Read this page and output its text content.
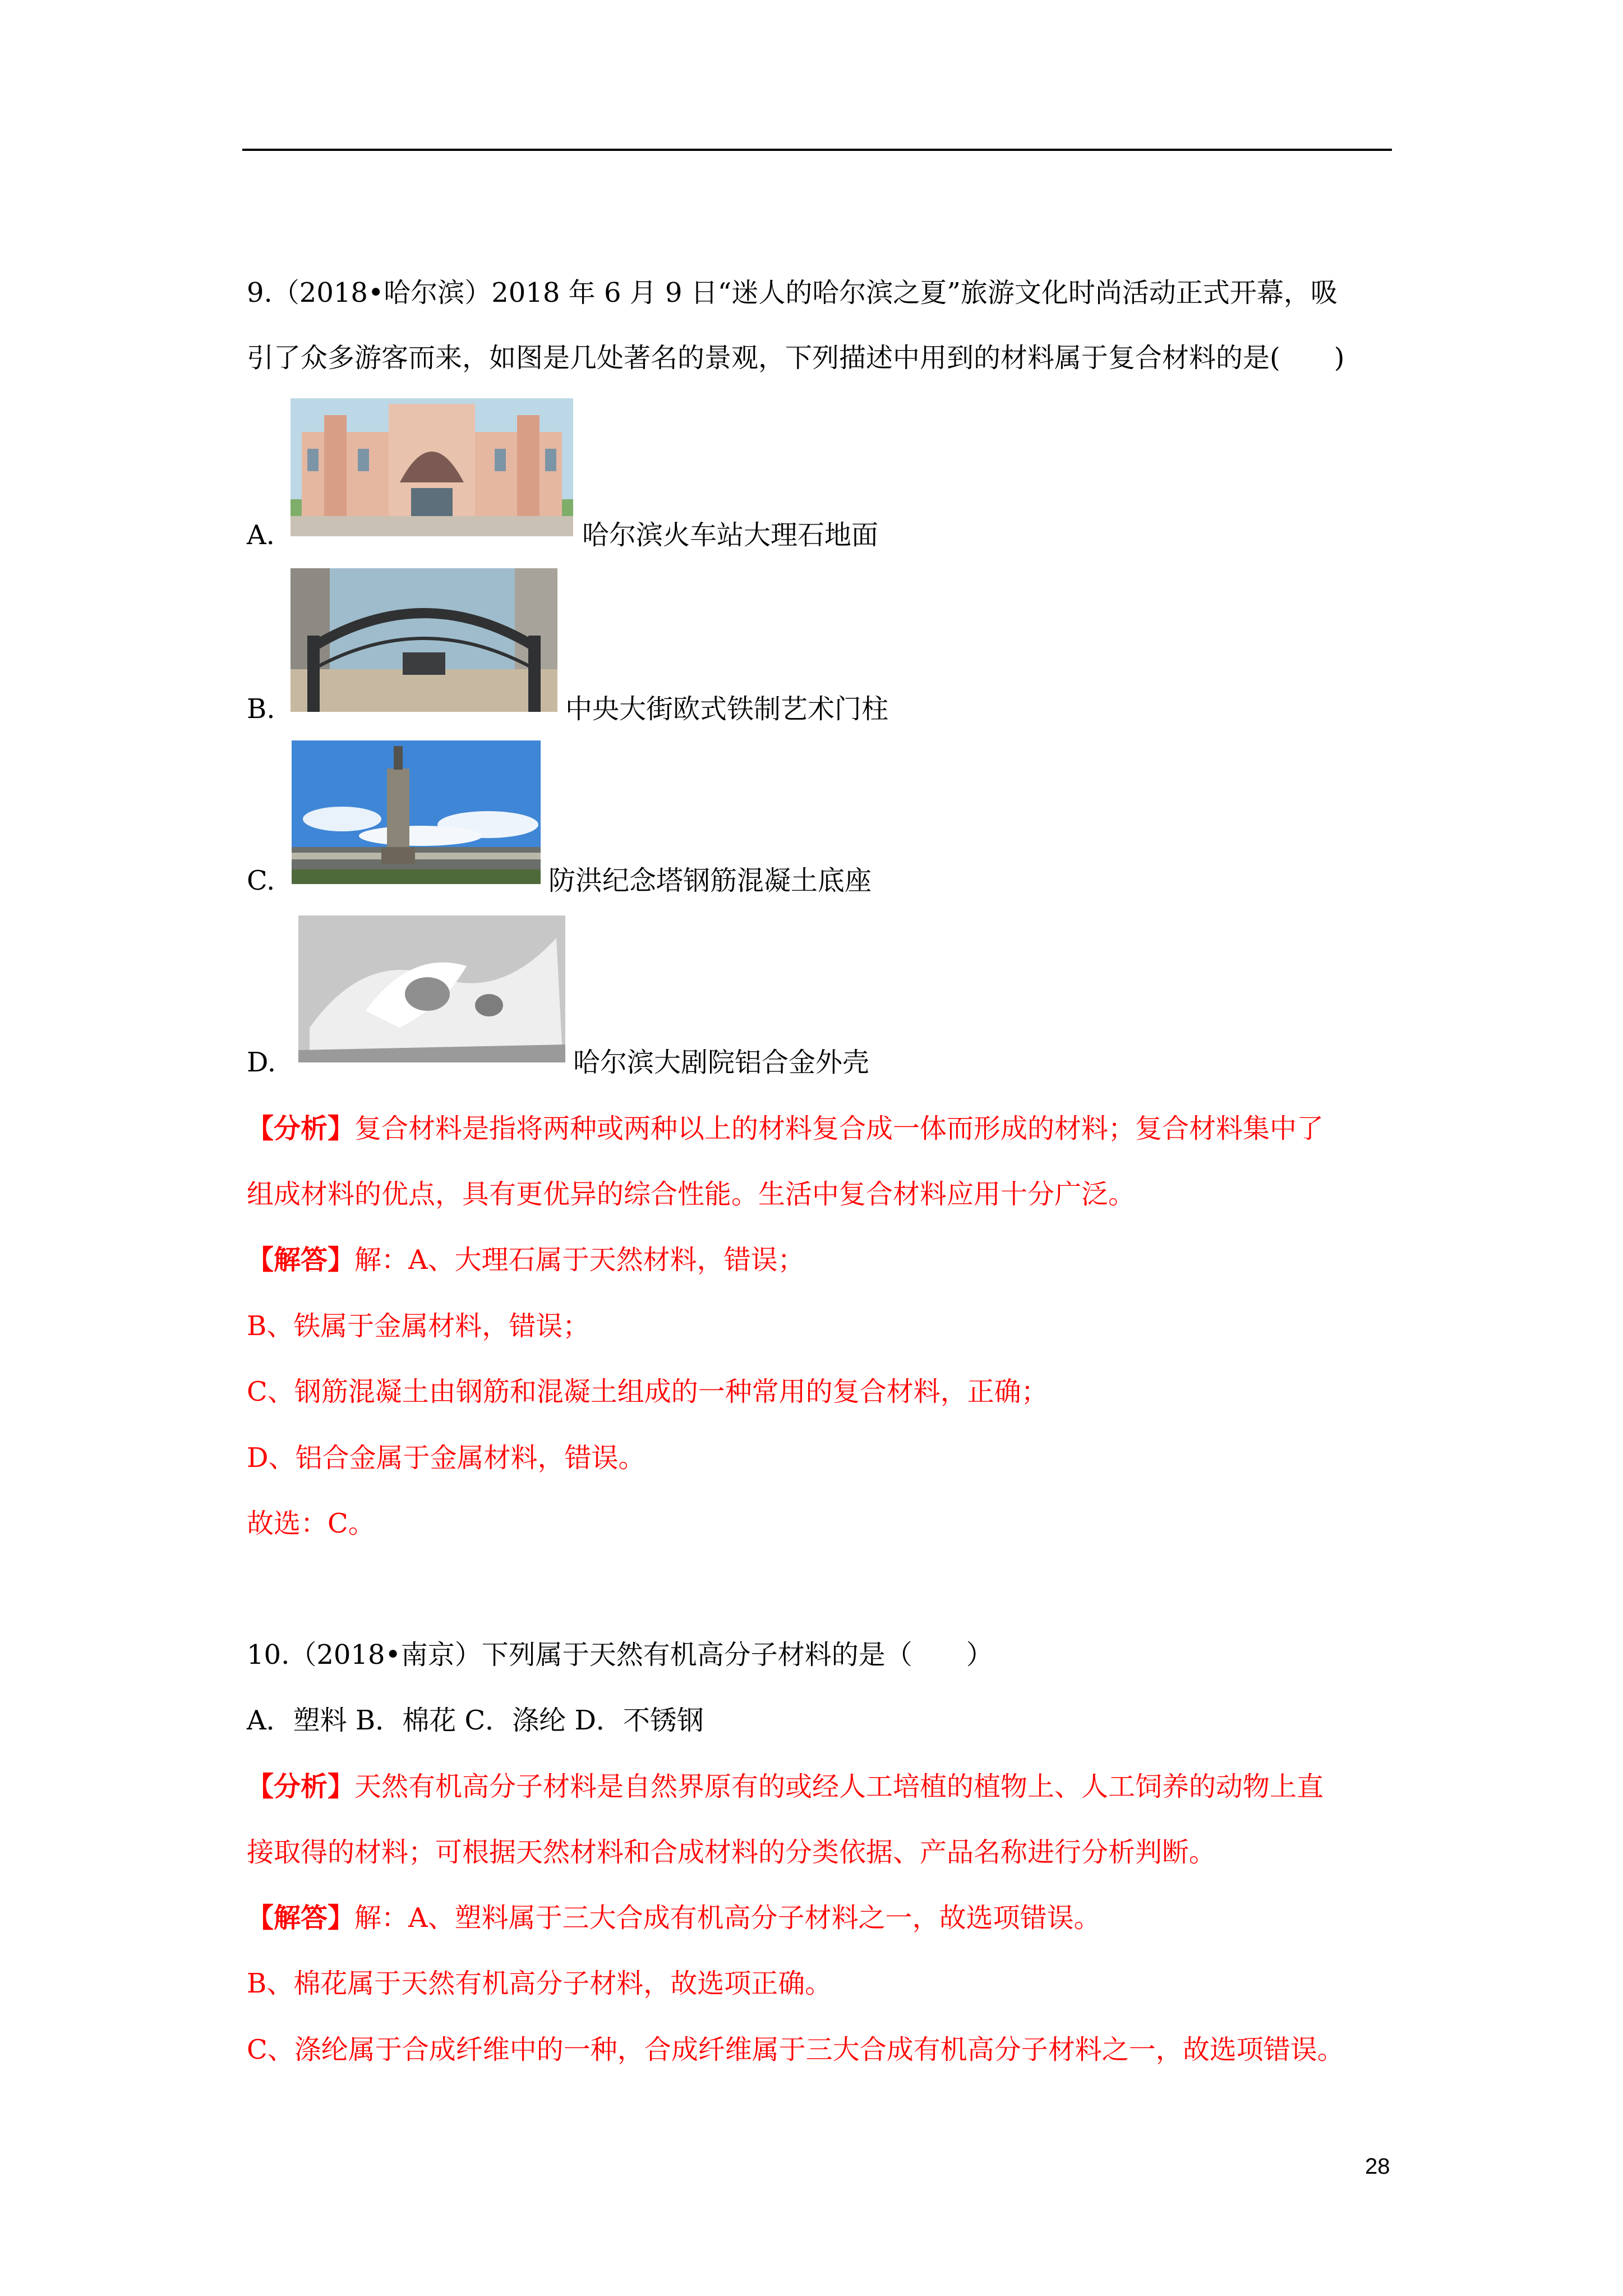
9.（2018•哈尔滨）2018 年 6 月 9 日“迷人的哈尔滨之夏”旅游文化时尚活动正式开幕，吸
引了众多游客而来，如图是几处著名的景观，下列描述中用到的材料属于复合材料的是(　　)
A.	哈尔滨火车站大理石地面
B.	中央大街欧式铁制艺术门柱
C.	防洪纪念塔钢筋混凝土底座
D.	哈尔滨大剧院铝合金外壳
【分析】复合材料是指将两种或两种以上的材料复合成一体而形成的材料；复合材料集中了
组成材料的优点，具有更优异的综合性能。生活中复合材料应用十分广泛。
【解答】解：A、大理石属于天然材料，错误；
B、铁属于金属材料，错误；
C、钢筋混凝土由钢筋和混凝土组成的一种常用的复合材料，正确；
D、铝合金属于金属材料，错误。
故选：C。
10.（2018•南京）下列属于天然有机高分子材料的是（　　）
A．塑料 B．棉花 C．涤纶 D．不锈钢
【分析】天然有机高分子材料是自然界原有的或经人工培植的植物上、人工饲养的动物上直
接取得的材料；可根据天然材料和合成材料的分类依据、产品名称进行分析判断。
【解答】解：A、塑料属于三大合成有机高分子材料之一，故选项错误。
B、棉花属于天然有机高分子材料，故选项正确。
C、涤纶属于合成纤维中的一种，合成纤维属于三大合成有机高分子材料之一，故选项错误。
28
